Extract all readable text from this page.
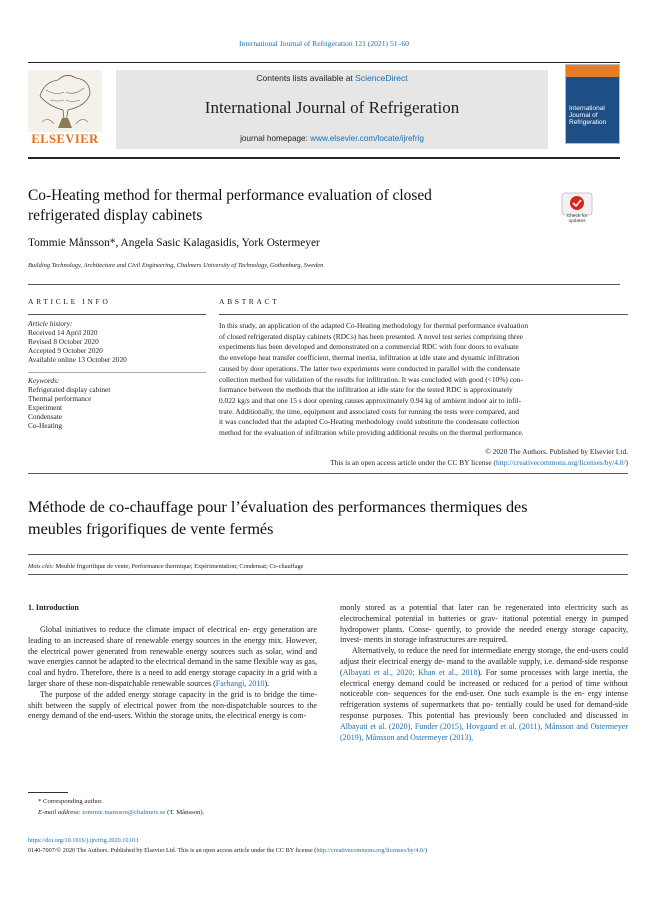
International Journal of Refrigeration 121 (2021) 51–60
ELSEVIER
Contents lists available at ScienceDirect
International Journal of Refrigeration
journal homepage: www.elsevier.com/locate/ijrefrig
International Journal of Refrigeration
Co-Heating method for thermal performance evaluation of closed
refrigerated display cabinets	Check for updates
Tommie Månsson*, Angela Sasic Kalagasidis, York Ostermeyer
Building Technology, Architecture and Civil Engineering, Chalmers University of Technology, Gothenburg, Sweden
ARTICLE INFO
Article history:
Received 14 April 2020
Revised 8 October 2020
Accepted 9 October 2020
Available online 13 October 2020
Keywords:
Refrigerated display cabinet
Thermal performance
Experiment
Condensate
Co-Heating
ABSTRACT
In this study, an application of the adapted Co-Heating methodology for thermal performance evaluation
of closed refrigerated display cabinets (RDCs) has been presented. A novel test series comprising three
experiments has been developed and demonstrated on a commercial RDC with four doors to evaluate
the envelope heat transfer coefficient, thermal inertia, infiltration at idle state and dynamic infiltration
caused by door operations. The latter two experiments were conducted in parallel with the condensate
collection method for validation of the results for infiltration. It was concluded with good (<10%) con-
formance between the methods that the infiltration at idle state for the tested RDC is approximately
0.022 kg/s and that one 15 s door opening causes approximately 0.94 kg of ambient indoor air to infil-
trate. Additionally, the time, equipment and associated costs for running the tests were compared, and
it was concluded that the adapted Co-Heating methodology could substitute the condensate collection
method for the evaluation of infiltration while providing additional results on the thermal performance.
© 2020 The Authors. Published by Elsevier Ltd.
This is an open access article under the CC BY license (http://creativecommons.org/licenses/by/4.0/)
Méthode de co-chauffage pour l’évaluation des performances thermiques des
meubles frigorifiques de vente fermés
Mots clés: Meuble frigorifique de vente; Performance thermique; Expérimentation; Condensat; Co-chauffage
1. Introduction

Global initiatives to reduce the climate impact of electrical en- ergy generation are leading to an increased share of renewable energy sources in the energy mix. However, the electrical power generated from renewable energy sources such as solar, wind and wave energies cannot be adapted to the electrical demand in the same flexible way as gas, coal and hydro. Therefore, there is a need to add energy storage capacity in a grid with a larger share of these non-dispatchable renewable sources (Farhangi, 2010).

The purpose of the added energy storage capacity in the grid is to bridge the time-shift between the supply of electrical power from the non-dispatchable sources to the energy demand of the end-users. Within the storage units, the electrical energy is com-

monly stored as a potential that later can be regenerated into electricity such as electrochemical potential in batteries or grav- itational potential energy in pumped hydropower plants. Conse- quently, to provide the needed energy storage capacity, invest- ments in storage infrastructures are required.

Alternatively, to reduce the need for intermediate energy storage, the end-users could adjust their electrical energy de- mand to the available supply, i.e. demand-side response (Albayati et al., 2020; Khan et al., 2018). For some processes with large inertia, the electrical energy demand could be increased or reduced for a period of time without noticeable con- sequences for the end-user. One such example is the en- ergy intense refrigeration systems of supermarkets that po- tentially could be used for demand-side response purposes. This potential has previously been concluded and discussed in Albayati et al. (2020), Funder (2015), Hovgaard et al. (2011), Månsson and Ostermeyer (2019), Månsson and Ostermeyer (2013),

* Corresponding author.
E-mail address: tommie.mansson@chalmers.se (T. Månsson).
https://doi.org/10.1016/j.ijrefrig.2020.10.011
0140-7007/© 2020 The Authors. Published by Elsevier Ltd. This is an open access article under the CC BY license (http://creativecommons.org/licenses/by/4.0/)
